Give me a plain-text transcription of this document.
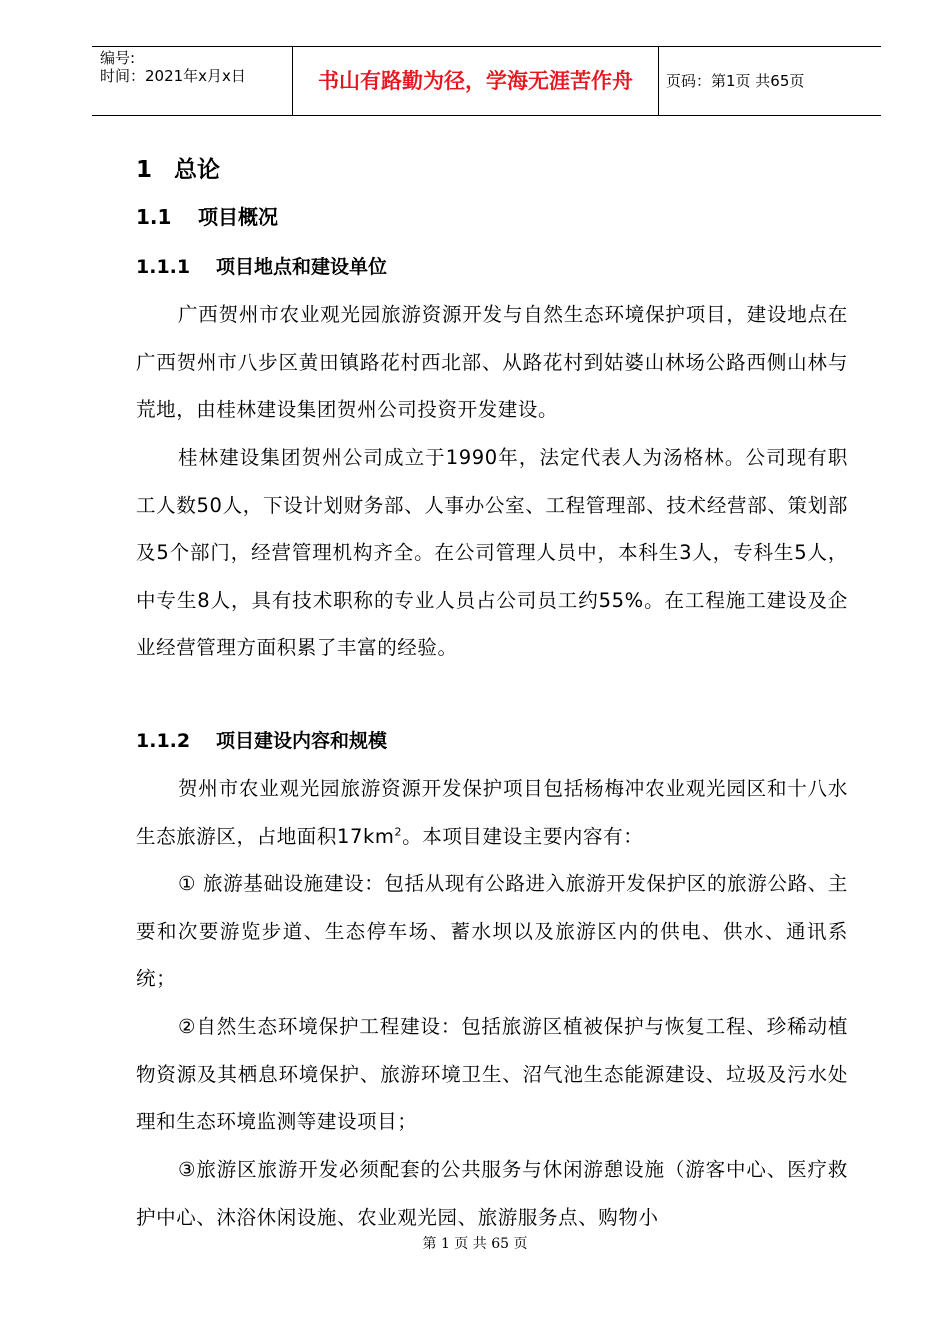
编号:
时间：2021年x月x日	书山有路勤为径，学海无涯苦作舟	页码：第1页 共65页
1 总论
1.1 项目概况
1.1.1 项目地点和建设单位
广西贺州市农业观光园旅游资源开发与自然生态环境保护项目，建设地点在广西贺州市八步区黄田镇路花村西北部、从路花村到姑婆山林场公路西侧山林与荒地，由桂林建设集团贺州公司投资开发建设。
桂林建设集团贺州公司成立于1990年，法定代表人为汤格林。公司现有职工人数50人，下设计划财务部、人事办公室、工程管理部、技术经营部、策划部及5个部门，经营管理机构齐全。在公司管理人员中，本科生3人，专科生5人，中专生8人，具有技术职称的专业人员占公司员工约55%。在工程施工建设及企业经营管理方面积累了丰富的经验。
1.1.2 项目建设内容和规模
贺州市农业观光园旅游资源开发保护项目包括杨梅冲农业观光园区和十八水生态旅游区，占地面积$17km^2$。本项目建设主要内容有：
① 旅游基础设施建设：包括从现有公路进入旅游开发保护区的旅游公路、主要和次要游览步道、生态停车场、蓄水坝以及旅游区内的供电、供水、通讯系统；
②自然生态环境保护工程建设：包括旅游区植被保护与恢复工程、珍稀动植物资源及其栖息环境保护、旅游环境卫生、沼气池生态能源建设、垃圾及污水处理和生态环境监测等建设项目；
③旅游区旅游开发必须配套的公共服务与休闲游憩设施（游客中心、医疗救护中心、沐浴休闲设施、农业观光园、旅游服务点、购物小
第 1 页 共 65 页
